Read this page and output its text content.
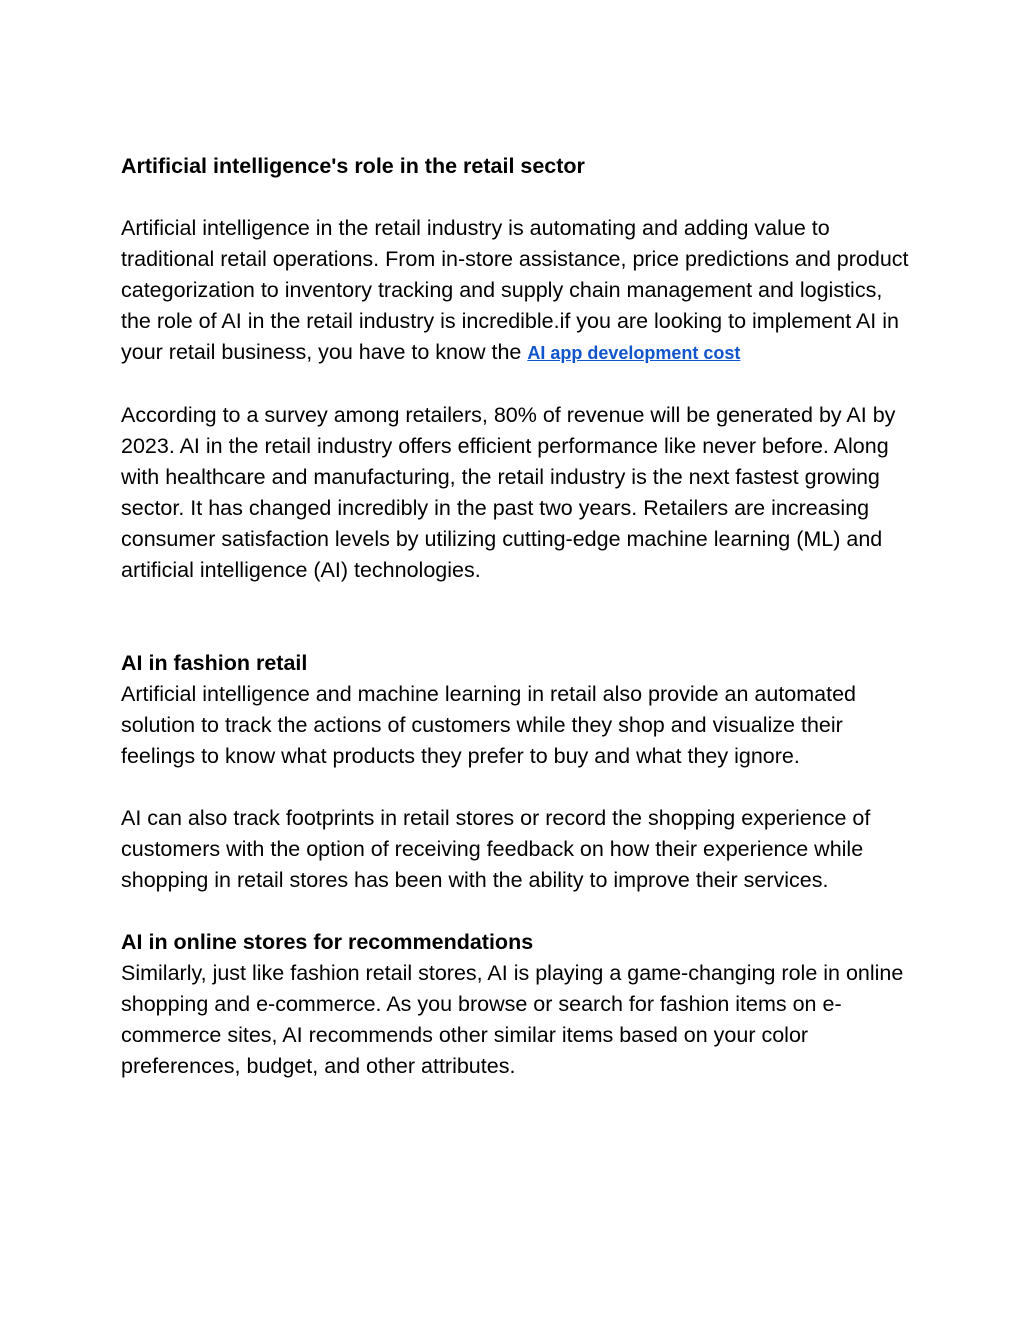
Artificial intelligence's role in the retail sector

Artificial intelligence in the retail industry is automating and adding value to traditional retail operations. From in-store assistance, price predictions and product categorization to inventory tracking and supply chain management and logistics, the role of AI in the retail industry is incredible.if you are looking to implement AI in your retail business, you have to know the AI app development cost

According to a survey among retailers, 80% of revenue will be generated by AI by 2023. AI in the retail industry offers efficient performance like never before. Along with healthcare and manufacturing, the retail industry is the next fastest growing sector. It has changed incredibly in the past two years. Retailers are increasing consumer satisfaction levels by utilizing cutting-edge machine learning (ML) and artificial intelligence (AI) technologies.

AI in fashion retail

Artificial intelligence and machine learning in retail also provide an automated solution to track the actions of customers while they shop and visualize their feelings to know what products they prefer to buy and what they ignore.

AI can also track footprints in retail stores or record the shopping experience of customers with the option of receiving feedback on how their experience while shopping in retail stores has been with the ability to improve their services.

AI in online stores for recommendations

Similarly, just like fashion retail stores, AI is playing a game-changing role in online shopping and e-commerce. As you browse or search for fashion items on e-commerce sites, AI recommends other similar items based on your color preferences, budget, and other attributes.
